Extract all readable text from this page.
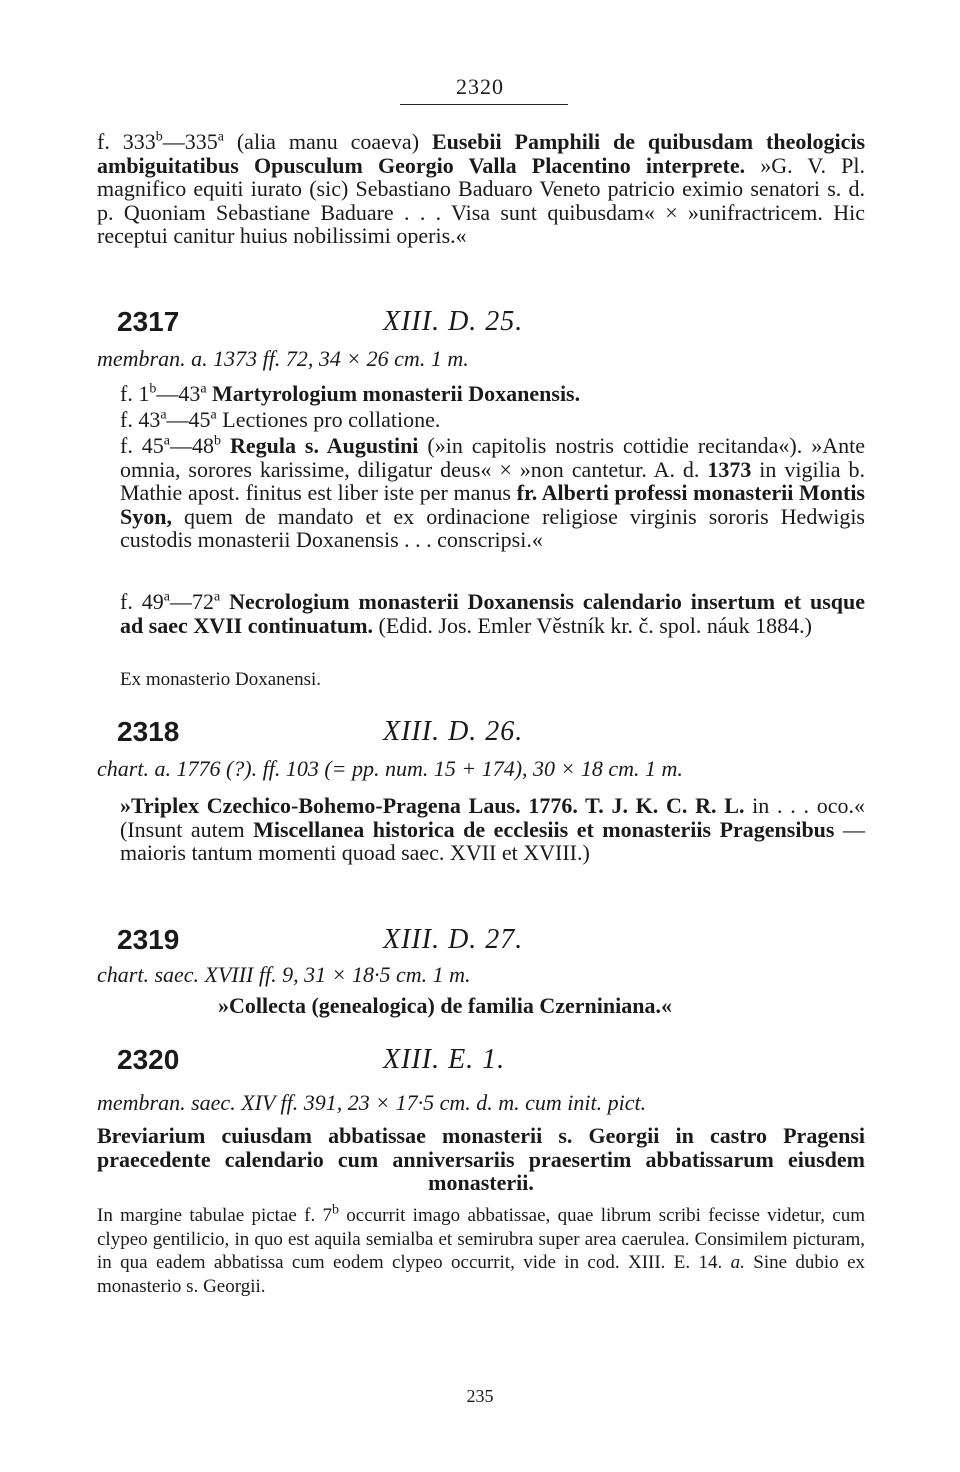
2320
f. 333$^b$—335$^a$ (alia manu coaeva) Eusebii Pamphili de quibusdam theologicis ambiguitatibus Opusculum Georgio Valla Placentino interprete. »G. V. Pl. magnifico equiti iurato (sic) Sebastiano Baduaro Veneto patricio eximio senatori s. d. p. Quoniam Sebastiane Baduare . . . Visa sunt quibusdam« × »unifractricem. Hic receptui canitur huius nobilissimi operis.«
2317	XIII. D. 25.
membran. a. 1373 ff. 72, 34 × 26 cm. 1 m.
f. 1$^b$—43$^a$ Martyrologium monasterii Doxanensis.
f. 43$^a$—45$^a$ Lectiones pro collatione.
f. 45$^a$—48$^b$ Regula s. Augustini (»in capitolis nostris cottidie recitanda«). »Ante omnia, sorores karissime, diligatur deus« × »non cantetur. A. d. 1373 in vigilia b. Mathie apost. finitus est liber iste per manus fr. Alberti professi monasterii Montis Syon, quem de mandato et ex ordinacione religiose virginis sororis Hedwigis custodis monasterii Doxanensis . . . conscripsi.«
f. 49$^a$—72$^a$ Necrologium monasterii Doxanensis calendario insertum et usque ad saec XVII continuatum. (Edid. Jos. Emler Věstník kr. č. spol. náuk 1884.)
Ex monasterio Doxanensi.
2318	XIII. D. 26.
chart. a. 1776 (?). ff. 103 (= pp. num. 15 + 174), 30 × 18 cm. 1 m.
»Triplex Czechico-Bohemo-Pragena Laus. 1776. T. J. K. C. R. L. in . . . oco.« (Insunt autem Miscellanea historica de ecclesiis et monasteriis Pragensibus — maioris tantum momenti quoad saec. XVII et XVIII.)
2319	XIII. D. 27.
chart. saec. XVIII ff. 9, 31 × 18·5 cm. 1 m.
»Collecta (genealogica) de familia Czerniniana.«
2320	XIII. E. 1.
membran. saec. XIV ff. 391, 23 × 17·5 cm. d. m. cum init. pict.
Breviarium cuiusdam abbatissae monasterii s. Georgii in castro Pragensi praecedente calendario cum anniversariis praesertim abbatissarum eiusdem monasterii.
In margine tabulae pictae f. 7$^b$ occurrit imago abbatissae, quae librum scribi fecisse videtur, cum clypeo gentilicio, in quo est aquila semialba et semirubra super area caerulea. Consimilem picturam, in qua eadem abbatissa cum eodem clypeo occurrit, vide in cod. XIII. E. 14. a. Sine dubio ex monasterio s. Georgii.
235
